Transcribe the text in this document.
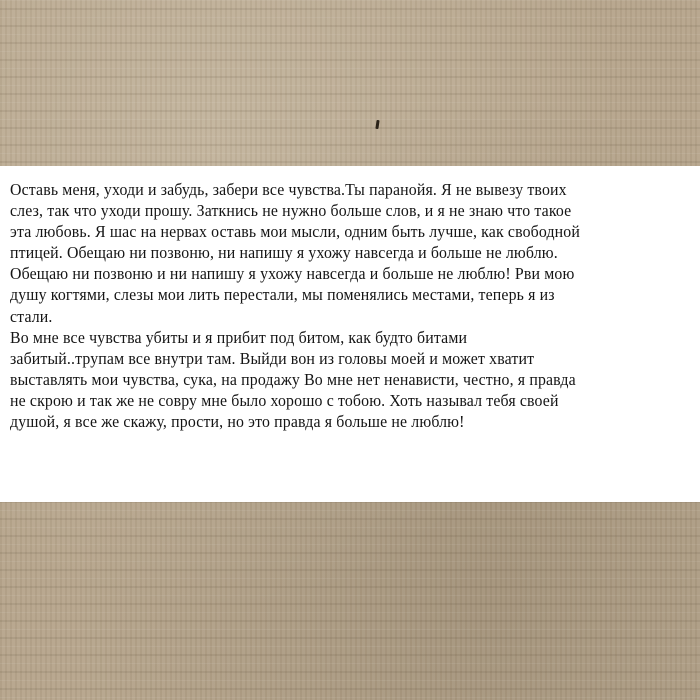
Оставь меня, уходи и забудь, забери все чувства.Ты паранойя. Я не вывезу твоих
слез, так что уходи прошу. Заткнись не нужно больше слов, и я не знаю что такое
эта любовь. Я шас на нервах оставь мои мысли, одним быть лучше, как свободной
птицей. Обещаю ни позвоню, ни напишу я ухожу навсегда и больше не люблю.
Обещаю ни позвоню и ни напишу я ухожу навсегда и больше не люблю! Рви мою
душу когтями, слезы мои лить перестали, мы поменялись местами, теперь я из
стали.
Во мне все чувства убиты и я прибит под битом, как будто битами
забитый..трупам все внутри там. Выйди вон из головы моей и может хватит
выставлять мои чувства, сука, на продажу Во мне нет ненависти, честно, я правда
не скрою и так же не совру мне было хорошо с тобою. Хоть называл тебя своей
душой, я все же скажу, прости, но это правда я больше не люблю!
